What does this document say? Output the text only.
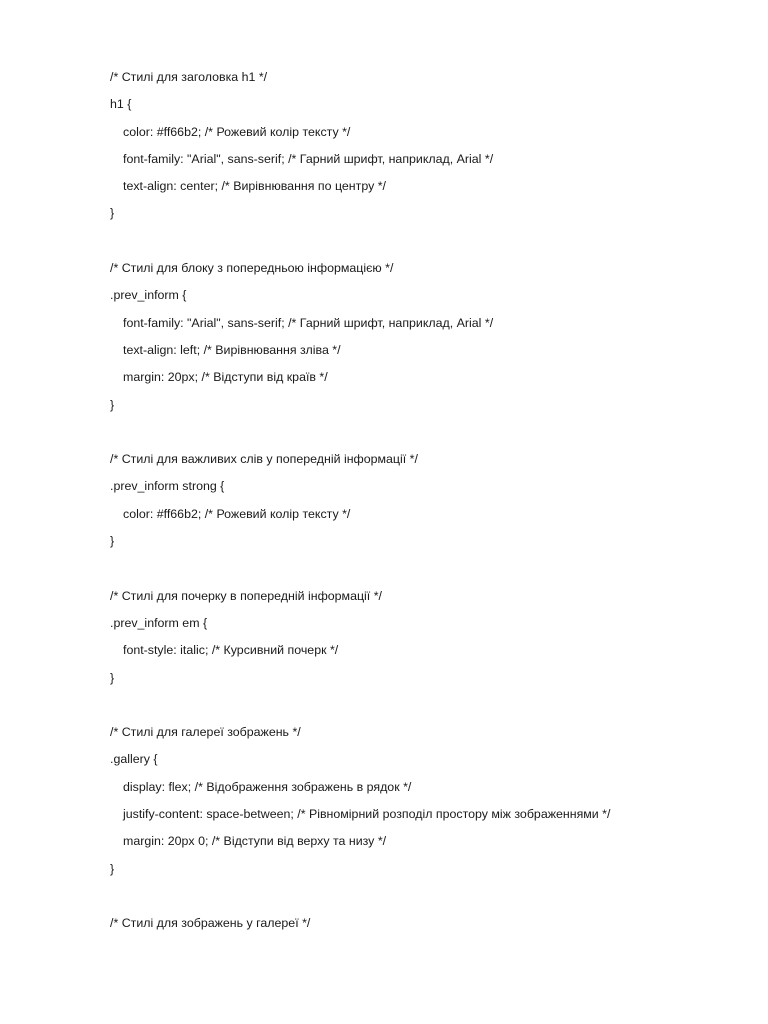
/* Стилі для заголовка h1 */
h1 {
color: #ff66b2; /* Рожевий колір тексту */
font-family: "Arial", sans-serif; /* Гарний шрифт, наприклад, Arial */
text-align: center; /* Вирівнювання по центру */
}
/* Стилі для блоку з попередньою інформацією */
.prev_inform {
font-family: "Arial", sans-serif; /* Гарний шрифт, наприклад, Arial */
text-align: left; /* Вирівнювання зліва */
margin: 20px; /* Відступи від країв */
}
/* Стилі для важливих слів у попередній інформації */
.prev_inform strong {
color: #ff66b2; /* Рожевий колір тексту */
}
/* Стилі для почерку в попередній інформації */
.prev_inform em {
font-style: italic; /* Курсивний почерк */
}
/* Стилі для галереї зображень */
.gallery {
display: flex; /* Відображення зображень в рядок */
justify-content: space-between; /* Рівномірний розподіл простору між зображеннями */
margin: 20px 0; /* Відступи від верху та низу */
}
/* Стилі для зображень у галереї */
